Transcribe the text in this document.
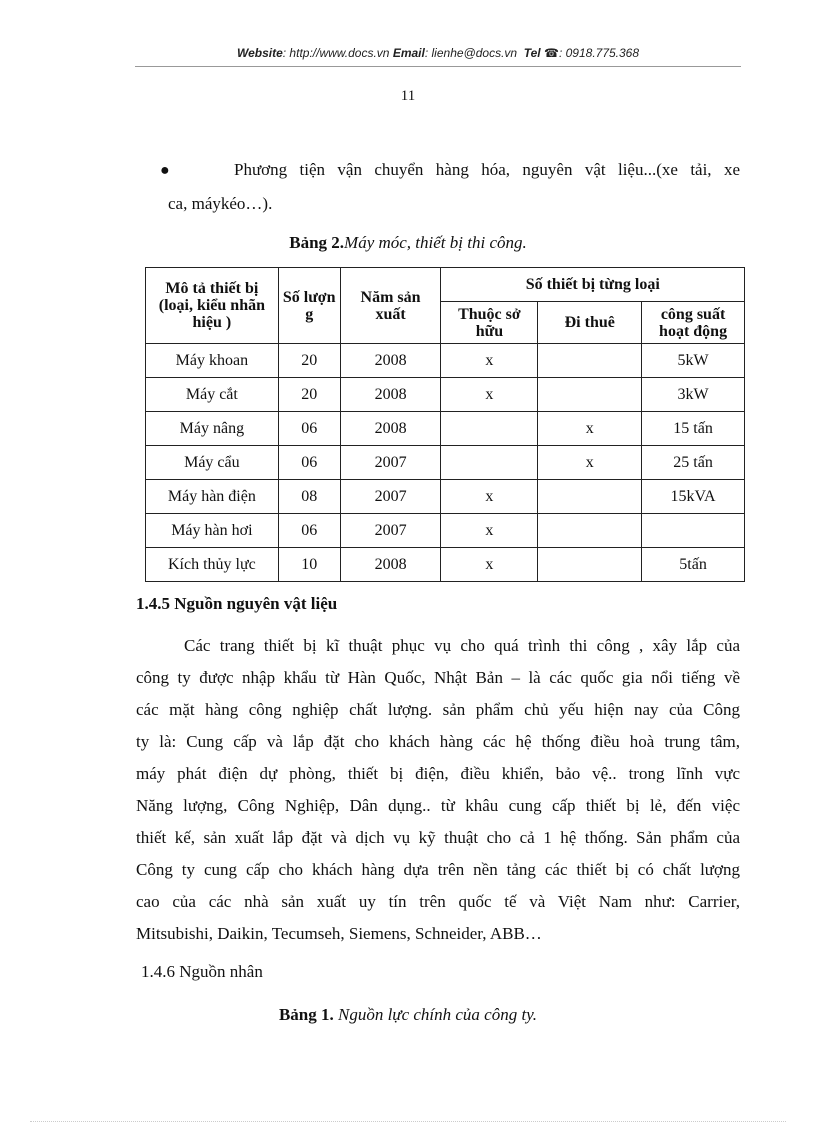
Website: http://www.docs.vn Email: lienhe@docs.vn Tel ☎: 0918.775.368
11
●	Phương tiện vận chuyển hàng hóa, nguyên vật liệu...(xe tải, xe
ca, máykéo…).
Bảng 2.Máy móc, thiết bị thi công.
Mô tả thiết bị (loại, kiểu nhãn hiệu )	Số lượn g	Năm sản xuất	Số thiết bị từng loại		
			Thuộc sở hữu	Đi thuê	công suất hoạt động
Máy khoan	20	2008	x		5kW
Máy cắt	20	2008	x		3kW
Máy nâng	06	2008		x	15 tấn
Máy cẩu	06	2007		x	25 tấn
Máy hàn điện	08	2007	x		15kVA
Máy hàn hơi	06	2007	x		
Kích thủy lực	10	2008	x		5tấn
1.4.5 Nguồn nguyên vật liệu
Các trang thiết bị kĩ thuật phục vụ cho quá trình thi công , xây lắp của
công ty được nhập khẩu từ Hàn Quốc, Nhật Bản – là các quốc gia nổi tiếng về
các mặt hàng công nghiệp chất lượng. sản phẩm chủ yếu hiện nay của Công
ty là: Cung cấp và lắp đặt cho khách hàng các hệ thống điều hoà trung tâm,
máy phát điện dự phòng, thiết bị điện, điều khiển, bảo vệ.. trong lĩnh vực
Năng lượng, Công Nghiệp, Dân dụng.. từ khâu cung cấp thiết bị lẻ, đến việc
thiết kế, sản xuất lắp đặt và dịch vụ kỹ thuật cho cả 1 hệ thống. Sản phẩm của
Công ty cung cấp cho khách hàng dựa trên nền tảng các thiết bị có chất lượng
cao của các nhà sản xuất uy tín trên quốc tế và Việt Nam như: Carrier,
Mitsubishi, Daikin, Tecumseh, Siemens, Schneider, ABB…
1.4.6 Nguồn nhân
Bảng 1. Nguồn lực chính của công ty.
